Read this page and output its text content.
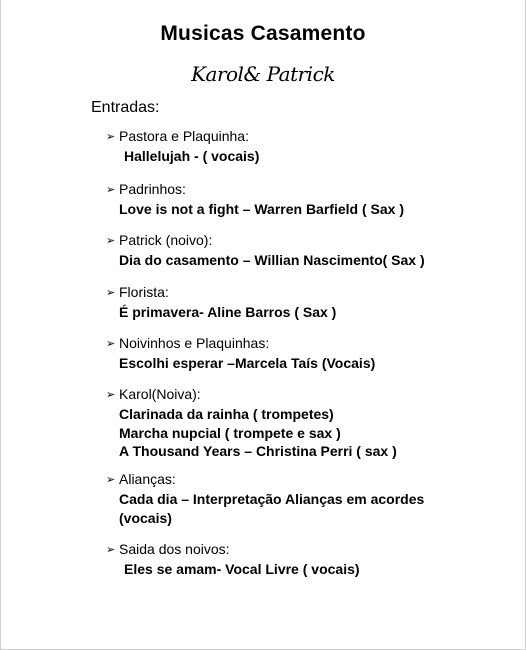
Musicas Casamento
Karol& Patrick
Entradas:
➢ Pastora e Plaquinha:
Hallelujah - ( vocais)
➢ Padrinhos:
Love is not a fight – Warren Barfield ( Sax )
➢ Patrick (noivo):
Dia do casamento – Willian Nascimento( Sax )
➢ Florista:
É primavera- Aline Barros ( Sax )
➢ Noivinhos e Plaquinhas:
Escolhi esperar –Marcela Taís (Vocais)
➢ Karol(Noiva):
Clarinada da rainha ( trompetes)
Marcha nupcial ( trompete e sax )
A Thousand Years – Christina Perri ( sax )
➢ Alianças:
Cada dia – Interpretação Alianças em acordes
(vocais)
➢ Saida dos noivos:
Eles se amam- Vocal Livre ( vocais)
